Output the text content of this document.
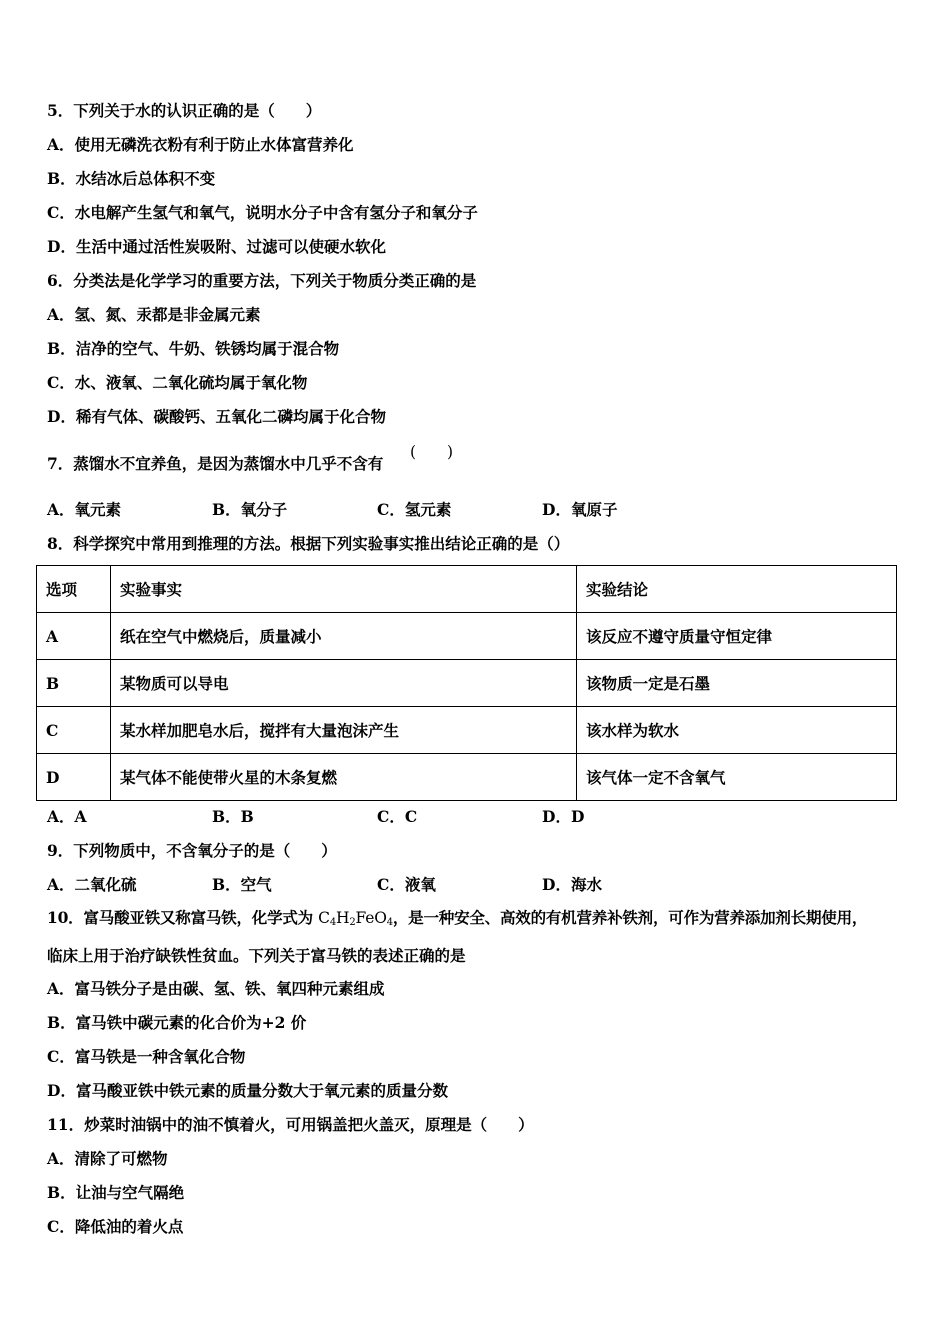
5．下列关于水的认识正确的是（　　）
A．使用无磷洗衣粉有利于防止水体富营养化
B．水结冰后总体积不变
C．水电解产生氢气和氧气，说明水分子中含有氢分子和氧分子
D．生活中通过活性炭吸附、过滤可以使硬水软化
6．分类法是化学学习的重要方法，下列关于物质分类正确的是
A．氢、氮、汞都是非金属元素
B．洁净的空气、牛奶、铁锈均属于混合物
C．水、液氧、二氧化硫均属于氧化物
D．稀有气体、碳酸钙、五氧化二磷均属于化合物
7．蒸馏水不宜养鱼，是因为蒸馏水中几乎不含有
(　　)
A．氧元素	B．氧分子	C．氢元素	D．氧原子
8．科学探究中常用到推理的方法。根据下列实验事实推出结论正确的是（）
选项	实验事实	实验结论
A	纸在空气中燃烧后，质量减小	该反应不遵守质量守恒定律
B	某物质可以导电	该物质一定是石墨
C	某水样加肥皂水后，搅拌有大量泡沫产生	该水样为软水
D	某气体不能使带火星的木条复燃	该气体一定不含氧气
A．A	B．B	C．C	D．D
9．下列物质中，不含氧分子的是（　　）
A．二氧化硫	B．空气	C．液氧	D．海水
10．富马酸亚铁又称富马铁，化学式为 $C_4H_2FeO_4$，是一种安全、高效的有机营养补铁剂，可作为营养添加剂长期使用，
临床上用于治疗缺铁性贫血。下列关于富马铁的表述正确的是
A．富马铁分子是由碳、氢、铁、氧四种元素组成
B．富马铁中碳元素的化合价为+2 价
C．富马铁是一种含氧化合物
D．富马酸亚铁中铁元素的质量分数大于氧元素的质量分数
11．炒菜时油锅中的油不慎着火，可用锅盖把火盖灭，原理是（　　）
A．清除了可燃物
B．让油与空气隔绝
C．降低油的着火点
